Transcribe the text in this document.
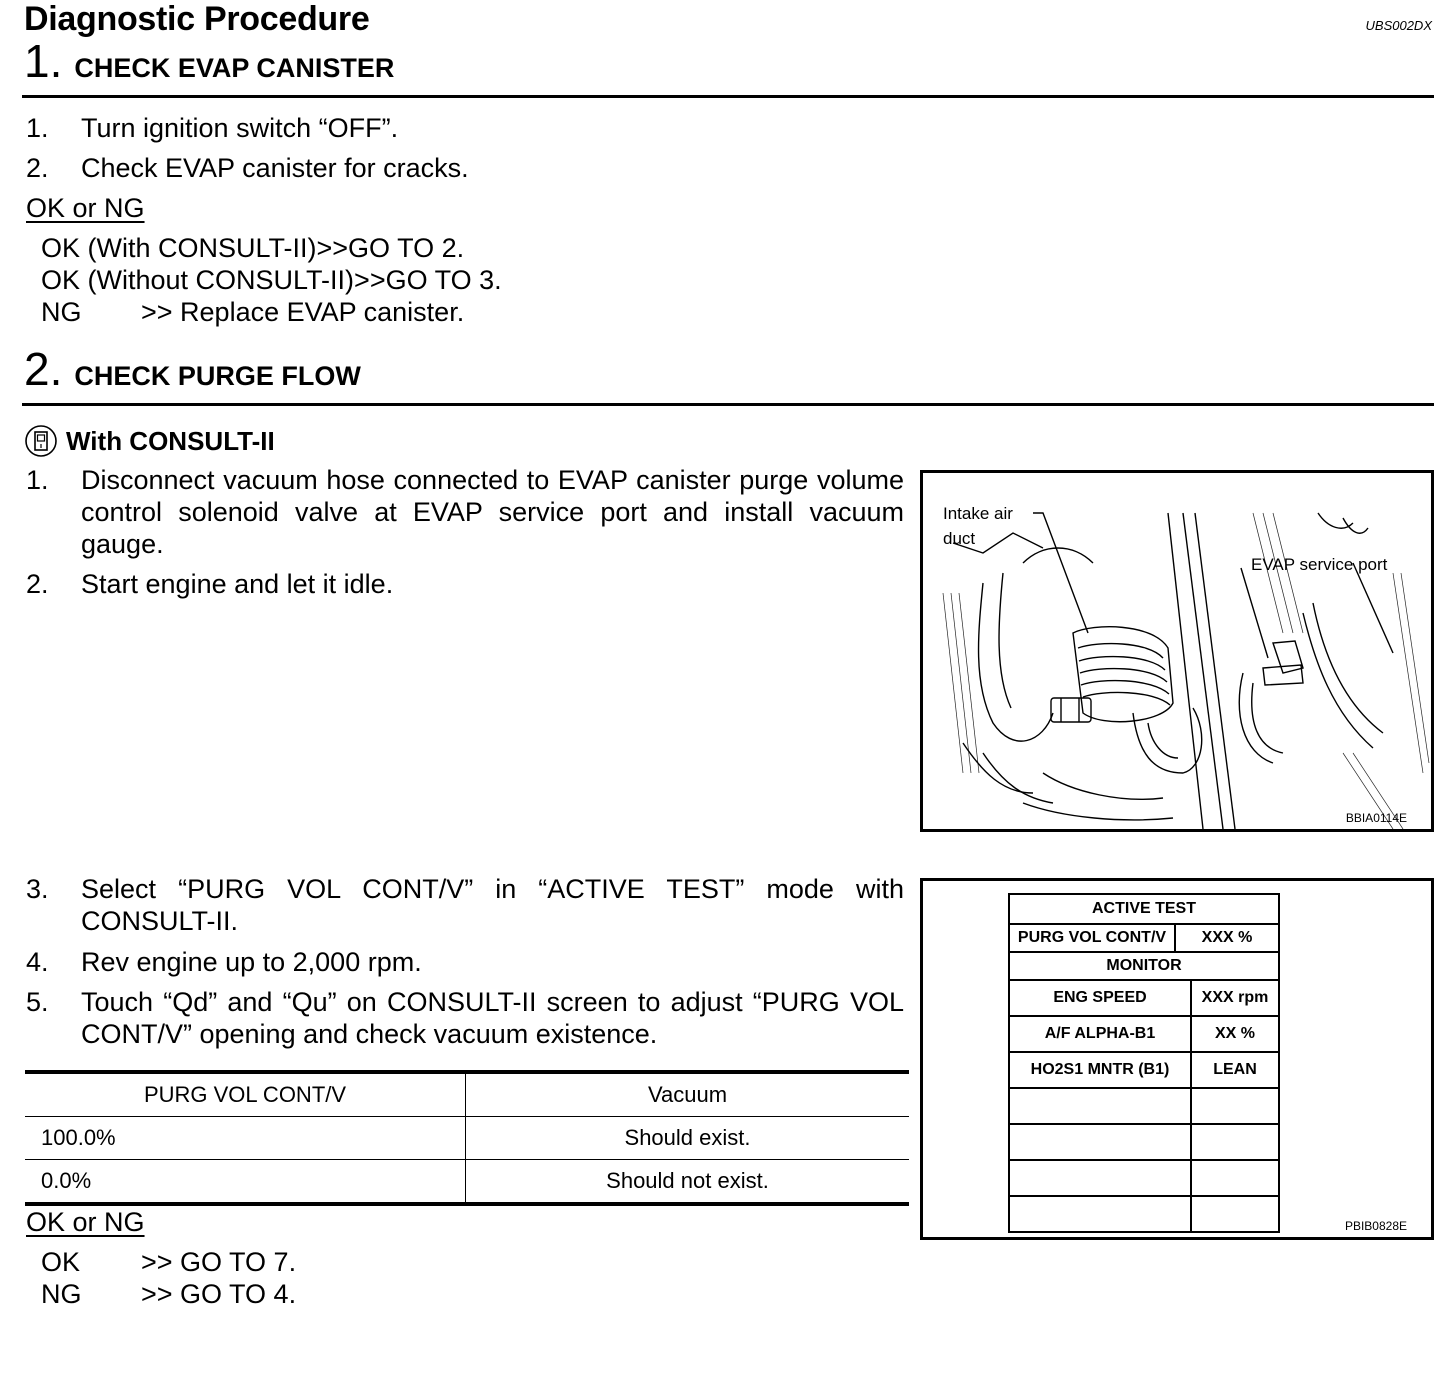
Diagnostic Procedure	UBS002DX
1. CHECK EVAP CANISTER
1. Turn ignition switch “OFF”.
2. Check EVAP canister for cracks.
OK or NG
OK (With CONSULT-II)>>GO TO 2.
OK (Without CONSULT-II)>>GO TO 3.
NG >> Replace EVAP canister.
2. CHECK PURGE FLOW
With CONSULT-II
1. Disconnect vacuum hose connected to EVAP canister purge volume control solenoid valve at EVAP service port and install vacuum gauge.
2. Start engine and let it idle.
Intake air
duct
EVAP service port
BBIA0114E
3. Select “PURG VOL CONT/V” in “ACTIVE TEST” mode with CONSULT-II.
4. Rev engine up to 2,000 rpm.
5. Touch “Qd” and “Qu” on CONSULT-II screen to adjust “PURG VOL CONT/V” opening and check vacuum existence.
PURG VOL CONT/V	Vacuum
100.0%	Should exist.
0.0%	Should not exist.
ACTIVE TEST
PURG VOL CONT/V	XXX %
MONITOR
ENG SPEED	XXX rpm
A/F ALPHA-B1	XX %
HO2S1 MNTR (B1)	LEAN

PBIB0828E
OK or NG
OK >> GO TO 7.
NG >> GO TO 4.
